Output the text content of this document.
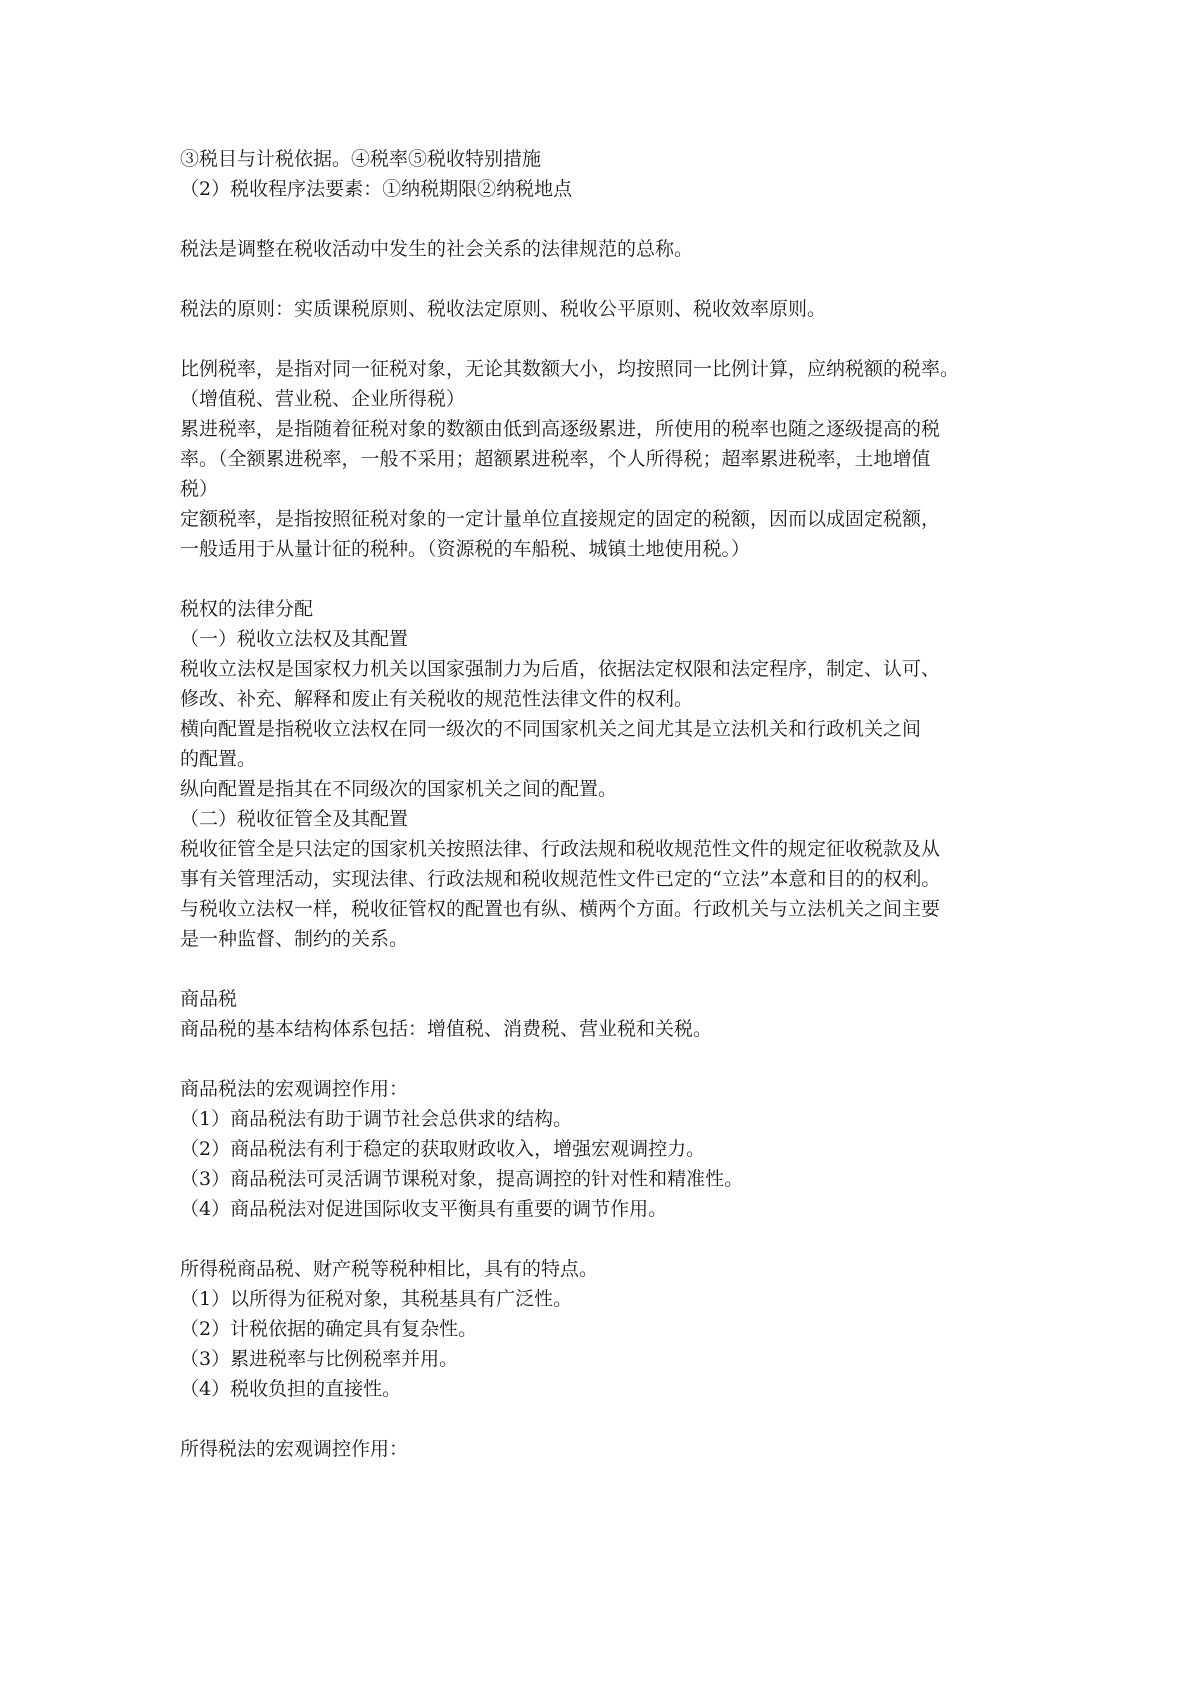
③税目与计税依据。④税率⑤税收特别措施
（2）税收程序法要素：①纳税期限②纳税地点
税法是调整在税收活动中发生的社会关系的法律规范的总称。
税法的原则：实质课税原则、税收法定原则、税收公平原则、税收效率原则。
比例税率，是指对同一征税对象，无论其数额大小，均按照同一比例计算，应纳税额的税率。
（增值税、营业税、企业所得税）
累进税率，是指随着征税对象的数额由低到高逐级累进，所使用的税率也随之逐级提高的税
率。（全额累进税率，一般不采用；超额累进税率，个人所得税；超率累进税率，土地增值
税）
定额税率，是指按照征税对象的一定计量单位直接规定的固定的税额，因而以成固定税额，
一般适用于从量计征的税种。（资源税的车船税、城镇土地使用税。）
税权的法律分配
（一）税收立法权及其配置
税收立法权是国家权力机关以国家强制力为后盾，依据法定权限和法定程序，制定、认可、
修改、补充、解释和废止有关税收的规范性法律文件的权利。
横向配置是指税收立法权在同一级次的不同国家机关之间尤其是立法机关和行政机关之间
的配置。
纵向配置是指其在不同级次的国家机关之间的配置。
（二）税收征管全及其配置
税收征管全是只法定的国家机关按照法律、行政法规和税收规范性文件的规定征收税款及从
事有关管理活动，实现法律、行政法规和税收规范性文件已定的“立法”本意和目的的权利。
与税收立法权一样，税收征管权的配置也有纵、横两个方面。行政机关与立法机关之间主要
是一种监督、制约的关系。
商品税
商品税的基本结构体系包括：增值税、消费税、营业税和关税。
商品税法的宏观调控作用：
（1）商品税法有助于调节社会总供求的结构。
（2）商品税法有利于稳定的获取财政收入，增强宏观调控力。
（3）商品税法可灵活调节课税对象，提高调控的针对性和精准性。
（4）商品税法对促进国际收支平衡具有重要的调节作用。
所得税商品税、财产税等税种相比，具有的特点。
（1）以所得为征税对象，其税基具有广泛性。
（2）计税依据的确定具有复杂性。
（3）累进税率与比例税率并用。
（4）税收负担的直接性。
所得税法的宏观调控作用：
